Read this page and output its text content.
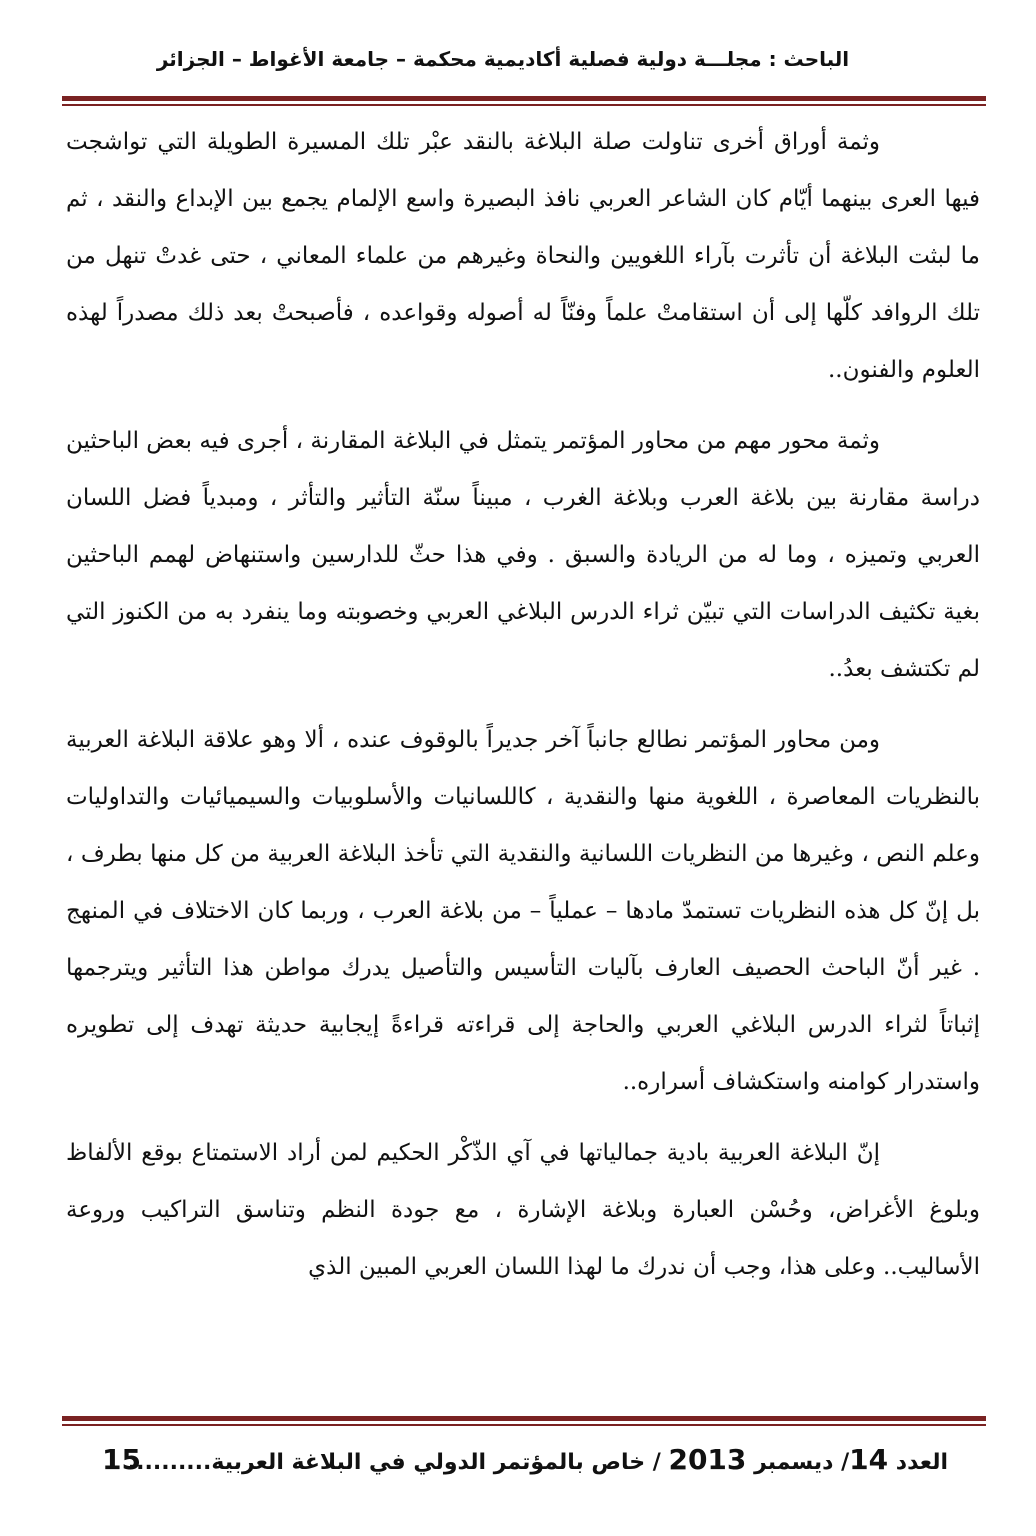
الباحث : مجلـــة دولية فصلية أكاديمية محكمة – جامعة الأغواط – الجزائر

وثمة أوراق أخرى تناولت صلة البلاغة بالنقد عبْر تلك المسيرة الطويلة التي تواشجت فيها العرى بينهما أيّام كان الشاعر العربي نافذ البصيرة واسع الإلمام يجمع بين الإبداع والنقد ، ثم ما لبثت البلاغة أن تأثرت بآراء اللغويين والنحاة وغيرهم من علماء المعاني ، حتى غدتْ تنهل من تلك الروافد كلّها إلى أن استقامتْ علماً وفنّاً له أصوله وقواعده ، فأصبحتْ بعد ذلك مصدراً لهذه العلوم والفنون..

وثمة محور مهم من محاور المؤتمر يتمثل في البلاغة المقارنة ، أجرى فيه بعض الباحثين دراسة مقارنة بين بلاغة العرب وبلاغة الغرب ، مبيناً سنّة التأثير والتأثر ، ومبدياً فضل اللسان العربي وتميزه ، وما له من الريادة والسبق . وفي هذا حثّ للدارسين واستنهاض لهمم الباحثين بغية تكثيف الدراسات التي تبيّن ثراء الدرس البلاغي العربي وخصوبته وما ينفرد به من الكنوز التي لم تكتشف بعدُ..

ومن محاور المؤتمر نطالع جانباً آخر جديراً بالوقوف عنده ، ألا وهو علاقة البلاغة العربية بالنظريات المعاصرة ، اللغوية منها والنقدية ، كاللسانيات والأسلوبيات والسيميائيات والتداوليات وعلم النص ، وغيرها من النظريات اللسانية والنقدية التي تأخذ البلاغة العربية من كل منها بطرف ، بل إنّ كل هذه النظريات تستمدّ مادها – عملياً – من بلاغة العرب ، وربما كان الاختلاف في المنهج . غير أنّ الباحث الحصيف العارف بآليات التأسيس والتأصيل يدرك مواطن هذا التأثير ويترجمها إثباتاً لثراء الدرس البلاغي العربي والحاجة إلى قراءته قراءةً إيجابية حديثة تهدف إلى تطويره واستدرار كوامنه واستكشاف أسراره..

إنّ البلاغة العربية بادية جمالياتها في آي الذّكْر الحكيم لمن أراد الاستمتاع بوقع الألفاظ وبلوغ الأغراض، وحُسْن العبارة وبلاغة الإشارة ، مع جودة النظم وتناسق التراكيب وروعة الأساليب.. وعلى هذا، وجب أن ندرك ما لهذا اللسان العربي المبين الذي

العدد 14/ ديسمبر 2013 / خاص بالمؤتمر الدولي في البلاغة العربية..........
15
